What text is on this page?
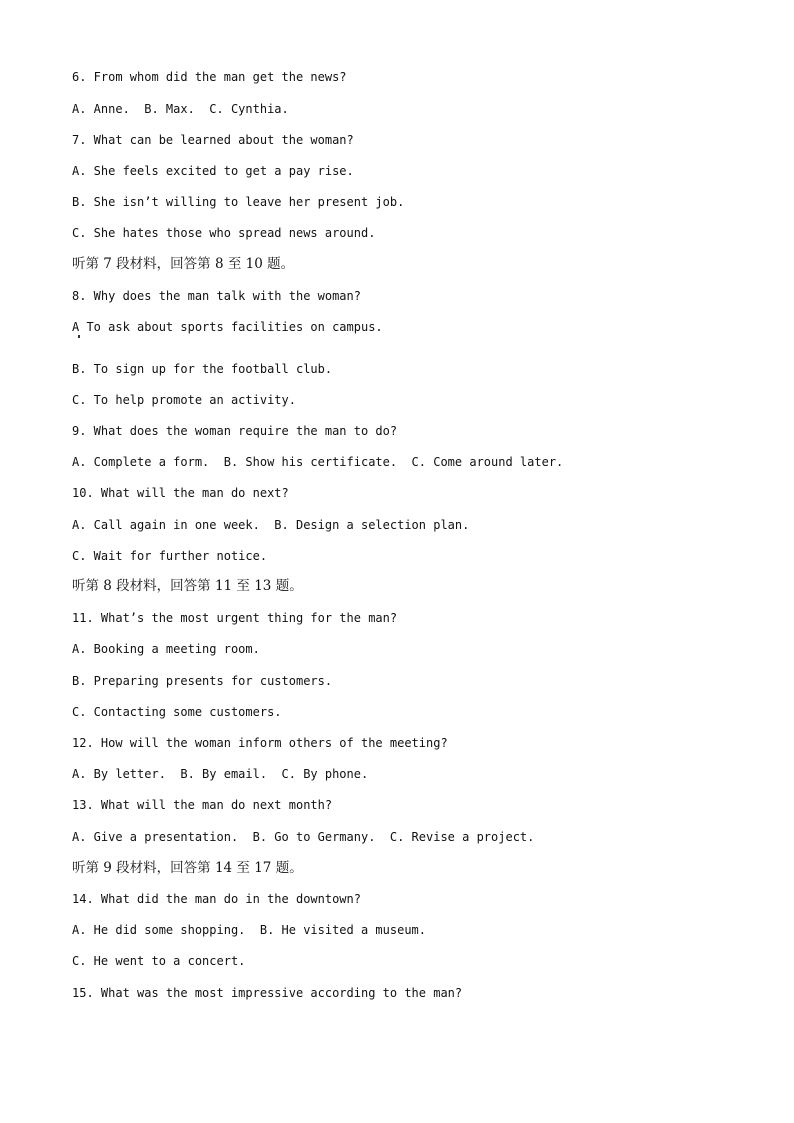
6. From whom did the man get the news?
A. Anne.  B. Max.  C. Cynthia.
7. What can be learned about the woman?
A. She feels excited to get a pay rise.
B. She isn’t willing to leave her present job.
C. She hates those who spread news around.
听第 7 段材料，回答第 8 至 10 题。
8. Why does the man talk with the woman?
A To ask about sports facilities on campus.
B. To sign up for the football club.
C. To help promote an activity.
9. What does the woman require the man to do?
A. Complete a form.  B. Show his certificate.  C. Come around later.
10. What will the man do next?
A. Call again in one week.  B. Design a selection plan.
C. Wait for further notice.
听第 8 段材料，回答第 11 至 13 题。
11. What’s the most urgent thing for the man?
A. Booking a meeting room.
B. Preparing presents for customers.
C. Contacting some customers.
12. How will the woman inform others of the meeting?
A. By letter.  B. By email.  C. By phone.
13. What will the man do next month?
A. Give a presentation.  B. Go to Germany.  C. Revise a project.
听第 9 段材料，回答第 14 至 17 题。
14. What did the man do in the downtown?
A. He did some shopping.  B. He visited a museum.
C. He went to a concert.
15. What was the most impressive according to the man?
